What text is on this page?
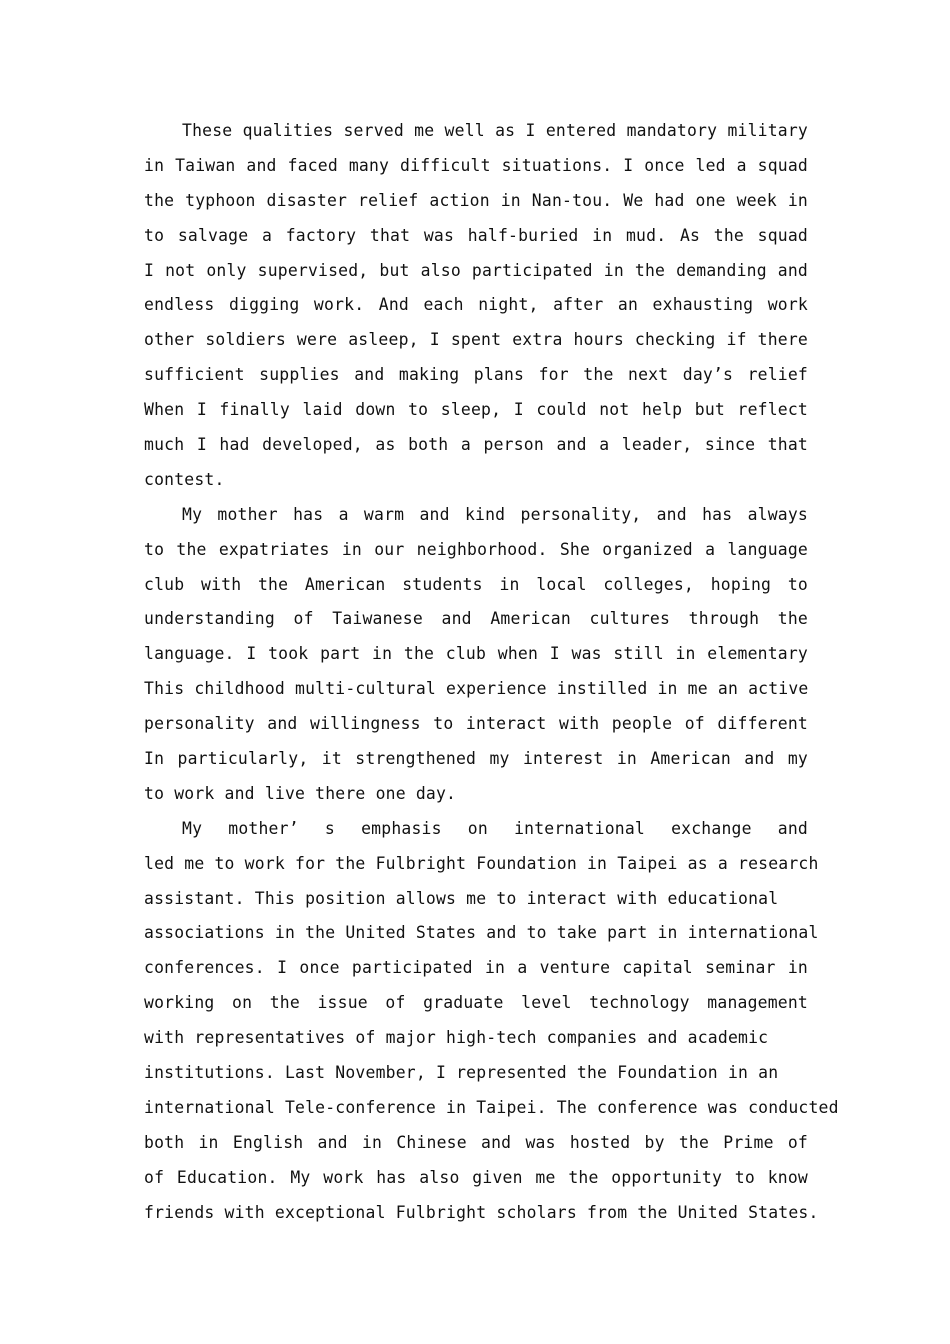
These qualities served me well as I entered mandatory military
in Taiwan and faced many difficult situations. I once led a squad
the typhoon disaster relief action in Nan-tou. We had one week in
to salvage a factory that was half-buried in mud. As the squad
I not only supervised, but also participated in the demanding and
endless digging work. And each night, after an exhausting work
other soldiers were asleep, I spent extra hours checking if there
sufficient supplies and making plans for the next day’s relief
When I finally laid down to sleep, I could not help but reflect
much I had developed, as both a person and a leader, since that
contest.
My mother has a warm and kind personality, and has always
to the expatriates in our neighborhood. She organized a language
club with the American students in local colleges, hoping to
understanding of Taiwanese and American cultures through the
language. I took part in the club when I was still in elementary
This childhood multi-cultural experience instilled in me an active
personality and willingness to interact with people of different
In particularly, it strengthened my interest in American and my
to work and live there one day.
My mother’ s emphasis on international exchange and
led me to work for the Fulbright Foundation in Taipei as a research
assistant. This position allows me to interact with educational
associations in the United States and to take part in international
conferences. I once participated in a venture capital seminar in
working on the issue of graduate level technology management
with representatives of major high-tech companies and academic
institutions. Last November, I represented the Foundation in an
international Tele-conference in Taipei. The conference was conducted
both in English and in Chinese and was hosted by the Prime of
of Education. My work has also given me the opportunity to know
friends with exceptional Fulbright scholars from the United States.
